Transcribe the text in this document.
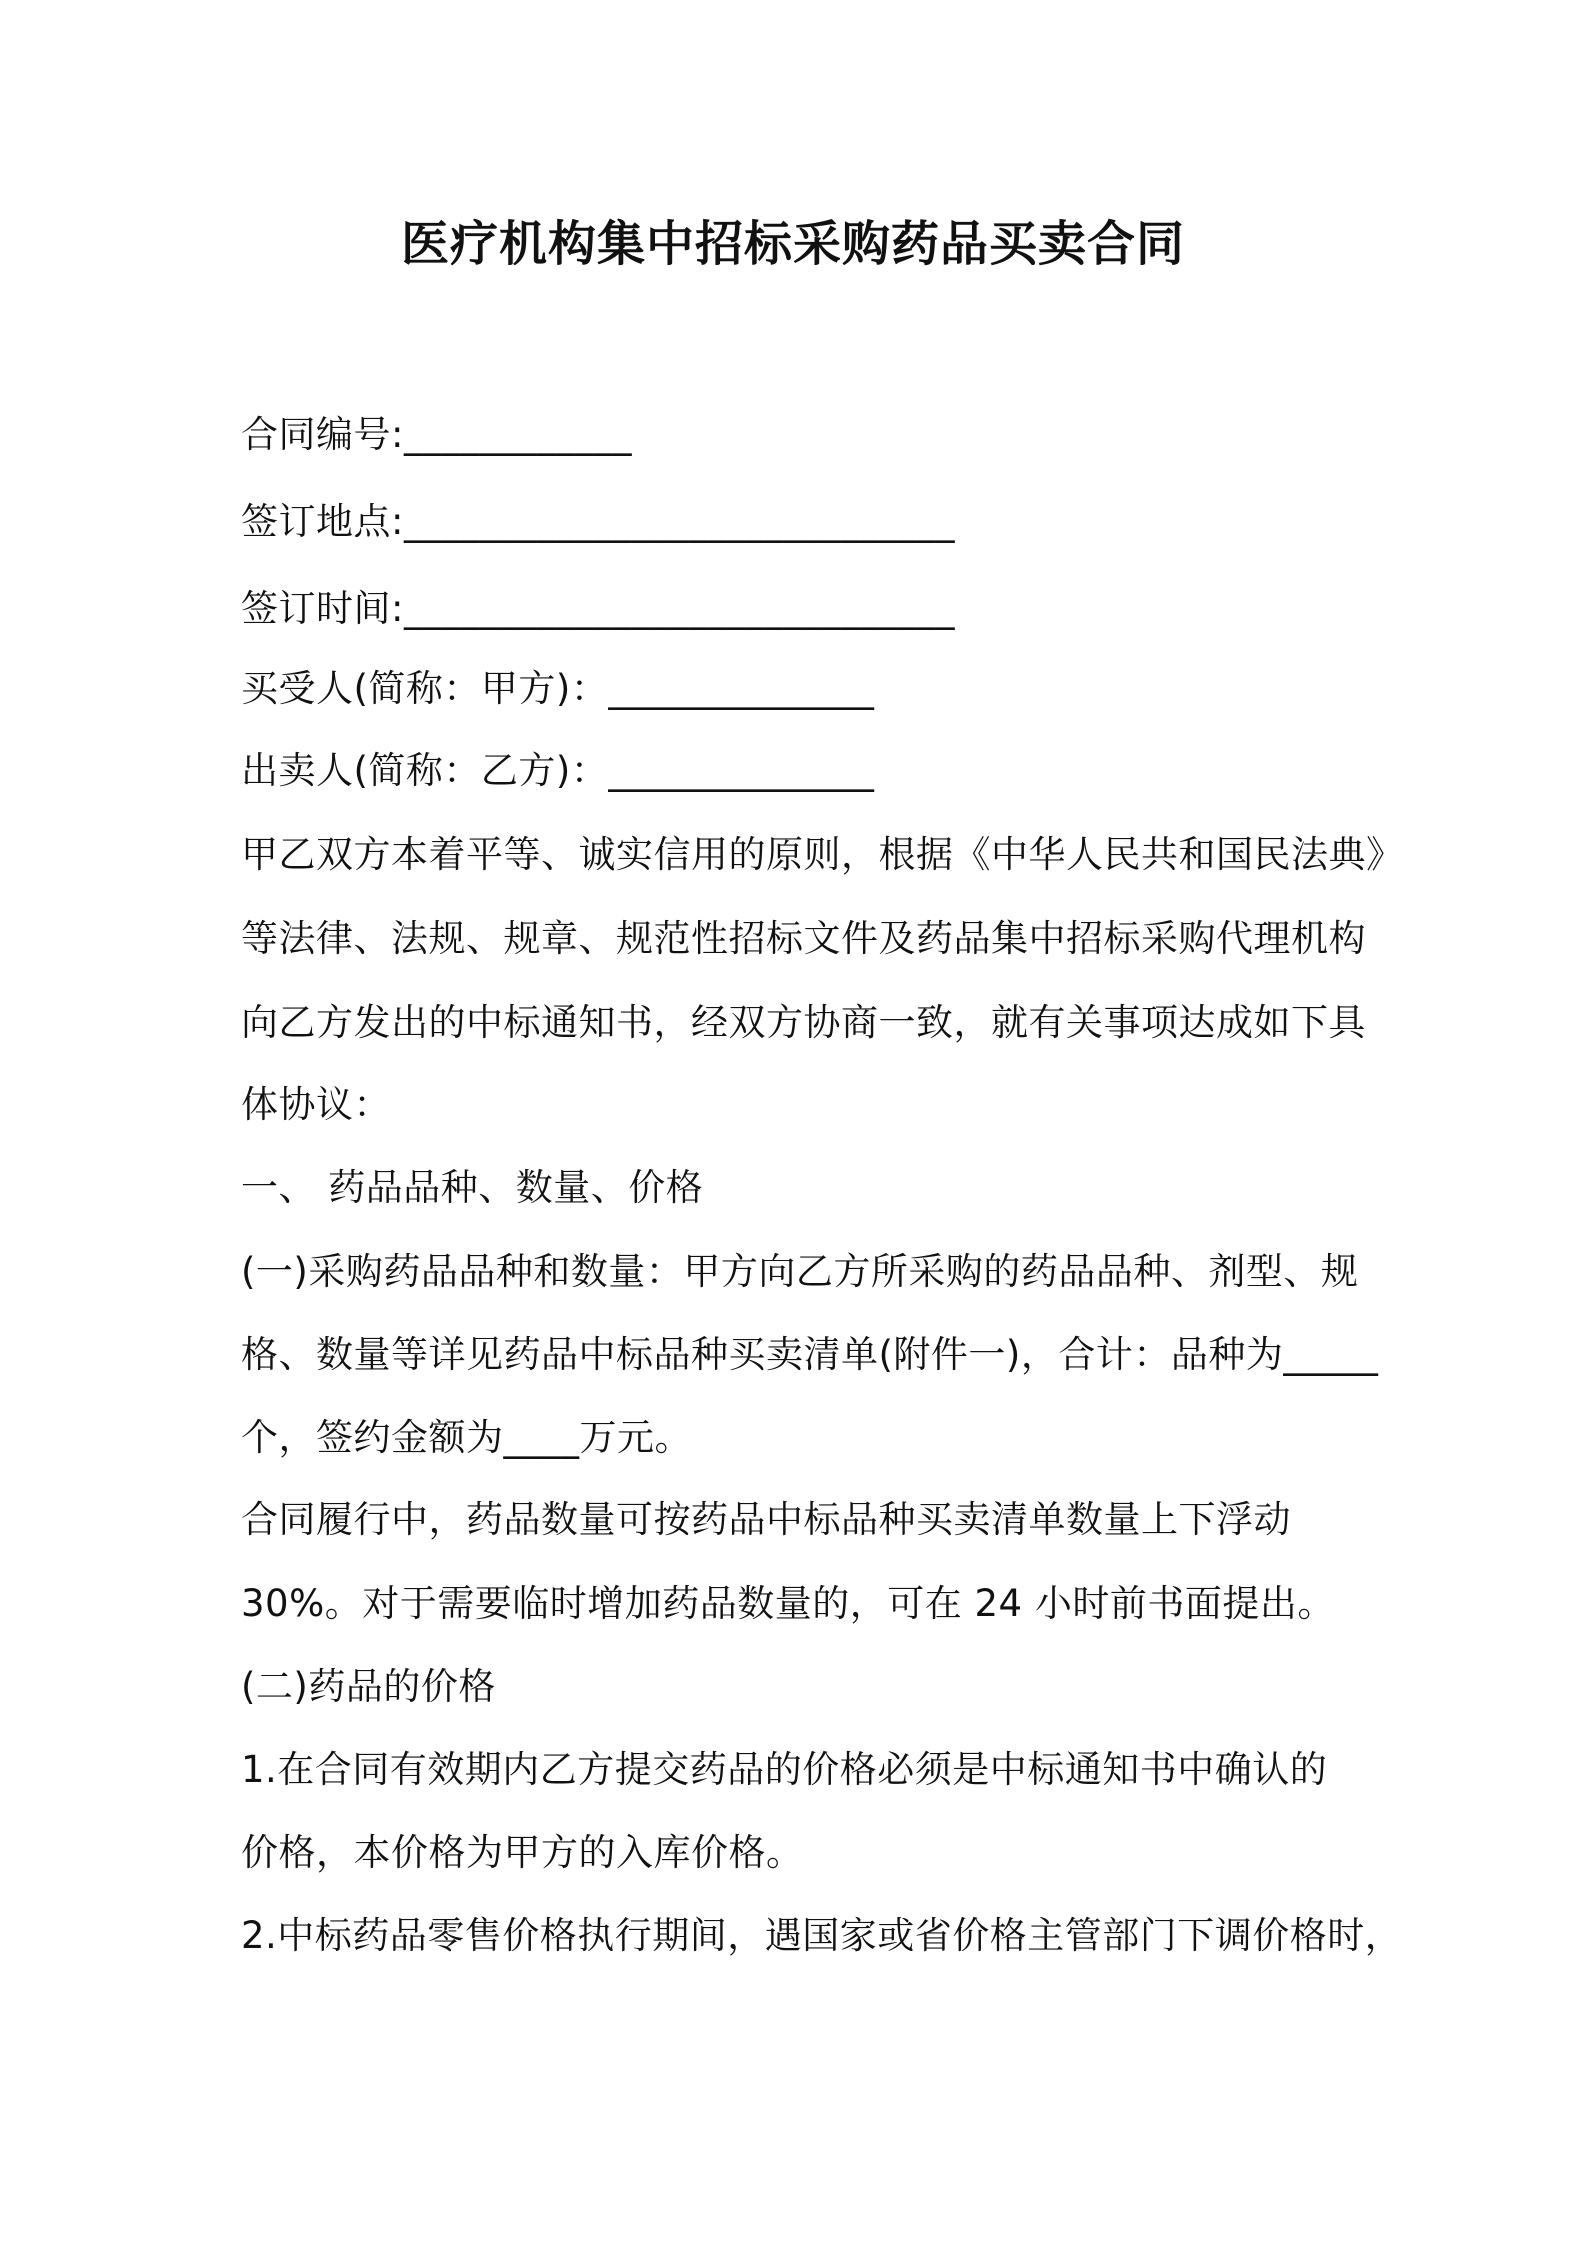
医疗机构集中招标采购药品买卖合同
合同编号:____________
签订地点:_____________________________
签订时间:_____________________________
买受人(简称：甲方)：______________
出卖人(简称：乙方)：______________
甲乙双方本着平等、诚实信用的原则，根据《中华人民共和国民法典》
等法律、法规、规章、规范性招标文件及药品集中招标采购代理机构
向乙方发出的中标通知书，经双方协商一致，就有关事项达成如下具
体协议：
一、 药品品种、数量、价格
(一)采购药品品种和数量：甲方向乙方所采购的药品品种、剂型、规
格、数量等详见药品中标品种买卖清单(附件一)，合计：品种为_____
个，签约金额为____万元。
合同履行中，药品数量可按药品中标品种买卖清单数量上下浮动
30%。对于需要临时增加药品数量的，可在 24 小时前书面提出。
(二)药品的价格
1.在合同有效期内乙方提交药品的价格必须是中标通知书中确认的
价格，本价格为甲方的入库价格。
2.中标药品零售价格执行期间，遇国家或省价格主管部门下调价格时，
